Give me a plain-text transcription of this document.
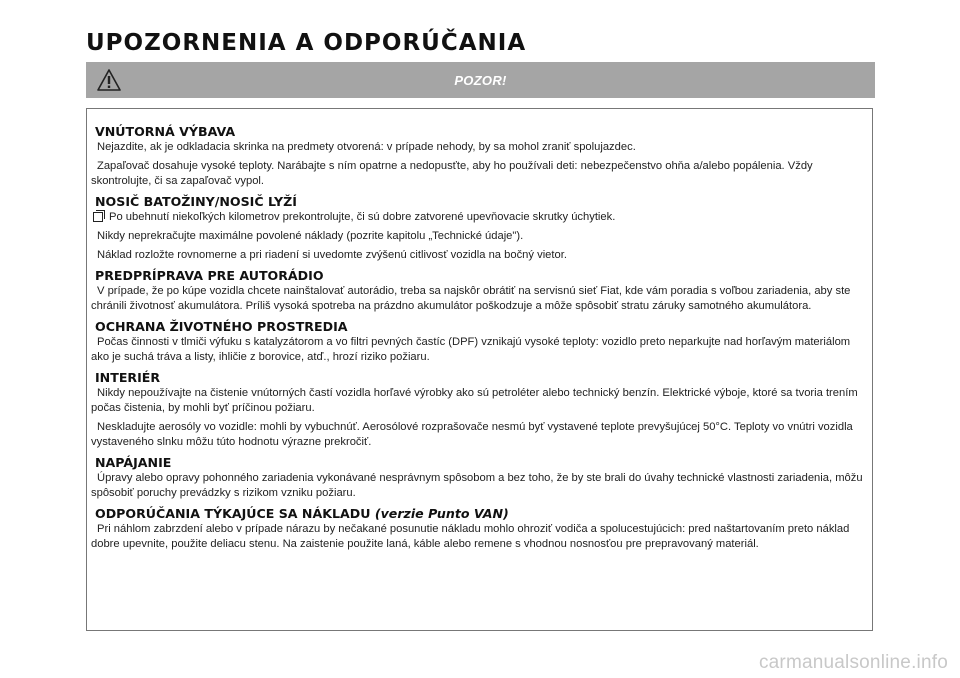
UPOZORNENIA A ODPORÚČANIA
POZOR!
VNÚTORNÁ VÝBAVA

Nejazdite, ak je odkladacia skrinka na predmety otvorená: v prípade nehody, by sa mohol zraniť spolujazdec.

Zapaľovač dosahuje vysoké teploty. Narábajte s ním opatrne a nedopusťte, aby ho používali deti: nebezpečenstvo ohňa a/alebo popálenia. Vždy skontrolujte, či sa zapaľovač vypol.

NOSIČ BATOŽINY/NOSIČ LYŽÍ
Po ubehnutí niekoľkých kilometrov prekontrolujte, či sú dobre zatvorené upevňovacie skrutky úchytiek.

Nikdy neprekračujte maximálne povolené náklady (pozrite kapitolu „Technické údaje").

Náklad rozložte rovnomerne a pri riadení si uvedomte zvýšenú citlivosť vozidla na bočný vietor.

PREDPRÍPRAVA PRE AUTORÁDIO

V prípade, že po kúpe vozidla chcete nainštalovať autorádio, treba sa najskôr obrátiť na servisnú sieť Fiat, kde vám poradia s voľbou zariadenia, aby ste chránili životnosť akumulátora. Príliš vysoká spotreba na prázdno akumulátor poškodzuje a môže spôsobiť stratu záruky samotného akumulátora.

OCHRANA ŽIVOTNÉHO PROSTREDIA

Počas činnosti v tlmiči výfuku s katalyzátorom a vo filtri pevných častíc (DPF) vznikajú vysoké teploty: vozidlo preto neparkujte nad horľavým materiálom ako je suchá tráva a listy, ihličie z borovice, atď., hrozí riziko požiaru.

INTERIÉR

Nikdy nepoužívajte na čistenie vnútorných častí vozidla horľavé výrobky ako sú petroléter alebo technický benzín. Elektrické výboje, ktoré sa tvoria trením počas čistenia, by mohli byť príčinou požiaru.

Neskladujte aerosóly vo vozidle: mohli by vybuchnúť. Aerosólové rozprašovače nesmú byť vystavené teplote prevyšujúcej 50°C. Teploty vo vnútri vozidla vystaveného slnku môžu túto hodnotu výrazne prekročiť.

NAPÁJANIE

Úpravy alebo opravy pohonného zariadenia vykonávané nesprávnym spôsobom a bez toho, že by ste brali do úvahy technické vlastnosti zariadenia, môžu spôsobiť poruchy prevádzky s rizikom vzniku požiaru.

ODPORÚČANIA TÝKAJÚCE SA NÁKLADU (verzie Punto VAN)

Pri náhlom zabrzdení alebo v prípade nárazu by nečakané posunutie nákladu mohlo ohroziť vodiča a spolucestujúcich: pred naštartovaním preto náklad dobre upevnite, použite deliacu stenu. Na zaistenie použite laná, káble alebo remene s vhodnou nosnosťou pre prepravovaný materiál.

carmanualsonline.info
